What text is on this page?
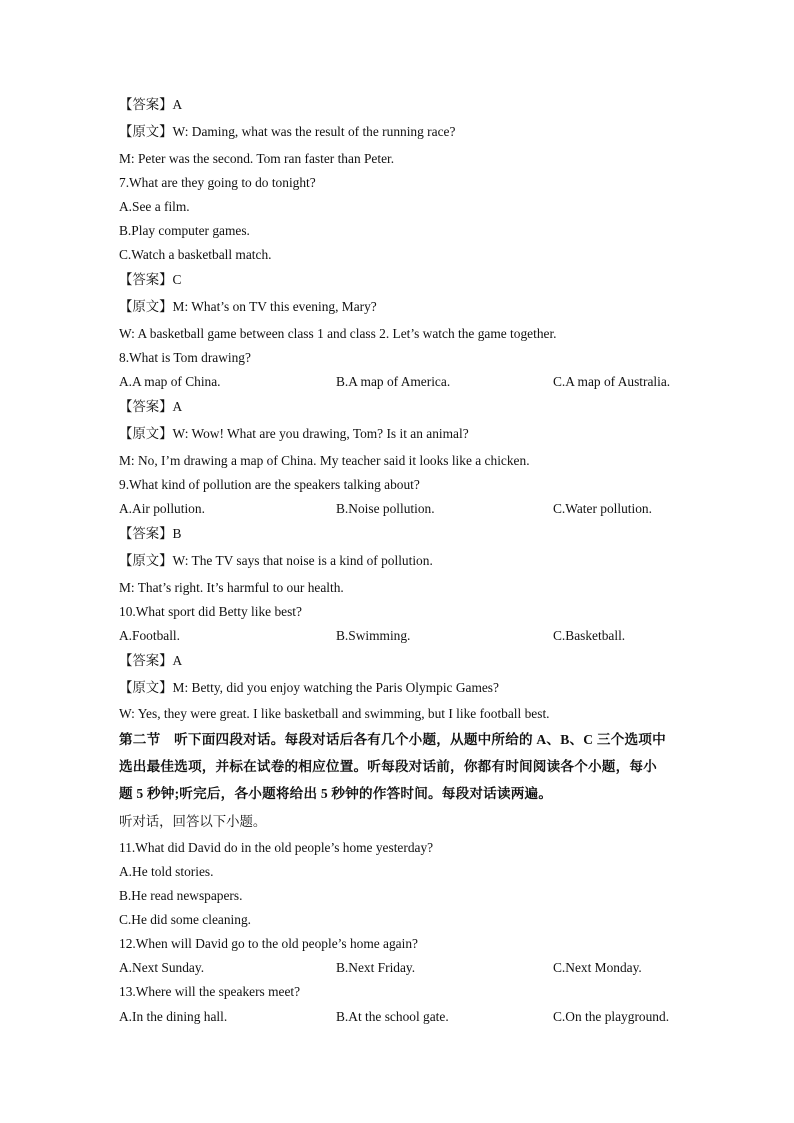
【答案】A
【原文】W: Daming, what was the result of the running race?
M: Peter was the second. Tom ran faster than Peter.
7.What are they going to do tonight?
A.See a film.
B.Play computer games.
C.Watch a basketball match.
【答案】C
【原文】M: What’s on TV this evening, Mary?
W: A basketball game between class 1 and class 2. Let’s watch the game together.
8.What is Tom drawing?
【答案】A
【原文】W: Wow! What are you drawing, Tom? Is it an animal?
M: No, I’m drawing a map of China. My teacher said it looks like a chicken.
9.What kind of pollution are the speakers talking about?
【答案】B
【原文】W: The TV says that noise is a kind of pollution.
M: That’s right. It’s harmful to our health.
10.What sport did Betty like best?
【答案】A
【原文】M: Betty, did you enjoy watching the Paris Olympic Games?
W: Yes, they were great. I like basketball and swimming, but I like football best.
A.A map of China.	B.A map of America.	C.A map of Australia.
A.Air pollution.	B.Noise pollution.	C.Water pollution.
A.Football.	B.Swimming.	C.Basketball.
A.Next Sunday.	B.Next Friday.	C.Next Monday.
A.In the dining hall.	B.At the school gate.	C.On the playground.
第二节　听下面四段对话。每段对话后各有几个小题，从题中所给的 A、B、C 三个选项中
选出最佳选项，并标在试卷的相应位置。听每段对话前，你都有时间阅读各个小题，每小
题 5 秒钟;听完后，各小题将给出 5 秒钟的作答时间。每段对话读两遍。
听对话，回答以下小题。
11.What did David do in the old people’s home yesterday?
A.He told stories.
B.He read newspapers.
C.He did some cleaning.
12.When will David go to the old people’s home again?
13.Where will the speakers meet?
